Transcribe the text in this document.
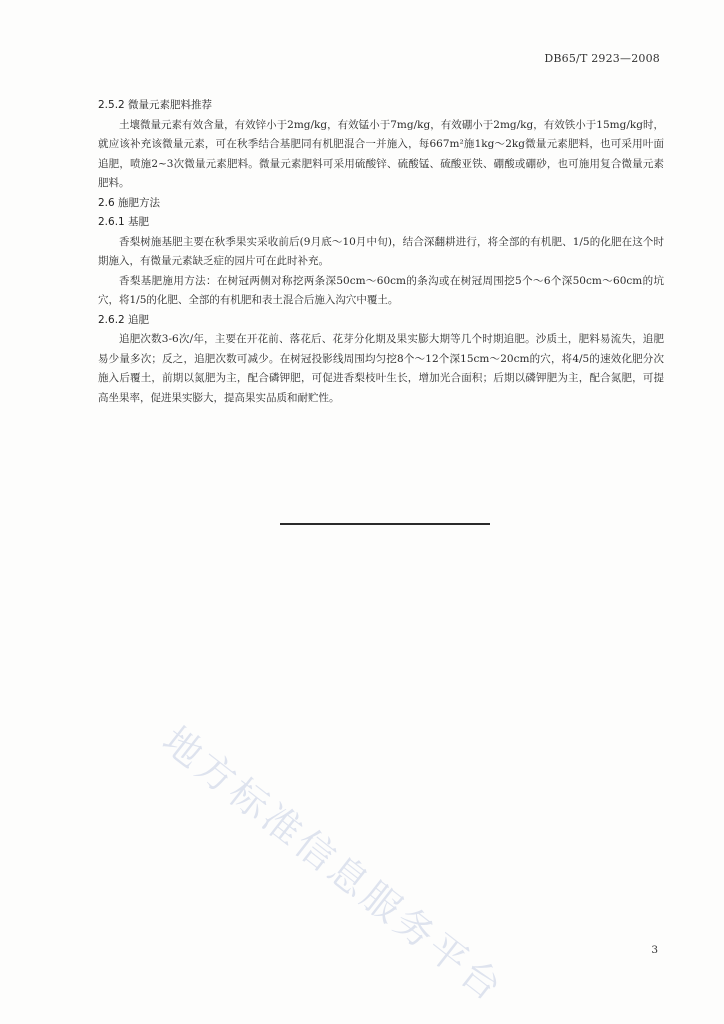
DB65/T 2923—2008

2.5.2 微量元素肥料推荐

土壤微量元素有效含量，有效锌小于2mg/kg，有效锰小于7mg/kg，有效硼小于2mg/kg，有效铁小于15mg/kg时，就应该补充该微量元素，可在秋季结合基肥同有机肥混合一并施入，每667m²施1kg～2kg微量元素肥料，也可采用叶面追肥，喷施2~3次微量元素肥料。微量元素肥料可采用硫酸锌、硫酸锰、硫酸亚铁、硼酸或硼砂，也可施用复合微量元素肥料。

2.6 施肥方法

2.6.1 基肥

香梨树施基肥主要在秋季果实采收前后(9月底～10月中旬)，结合深翻耕进行，将全部的有机肥、1/5的化肥在这个时期施入，有微量元素缺乏症的园片可在此时补充。

香梨基肥施用方法：在树冠两侧对称挖两条深50cm～60cm的条沟或在树冠周围挖5个～6个深50cm～60cm的坑穴，将1/5的化肥、全部的有机肥和表土混合后施入沟穴中覆土。

2.6.2 追肥

追肥次数3-6次/年，主要在开花前、落花后、花芽分化期及果实膨大期等几个时期追肥。沙质土，肥料易流失，追肥易少量多次；反之，追肥次数可减少。在树冠投影线周围均匀挖8个～12个深15cm～20cm的穴，将4/5的速效化肥分次施入后覆土，前期以氮肥为主，配合磷钾肥，可促进香梨枝叶生长，增加光合面积；后期以磷钾肥为主，配合氮肥，可提高坐果率，促进果实膨大，提高果实品质和耐贮性。

地方标准信息服务平台	3
